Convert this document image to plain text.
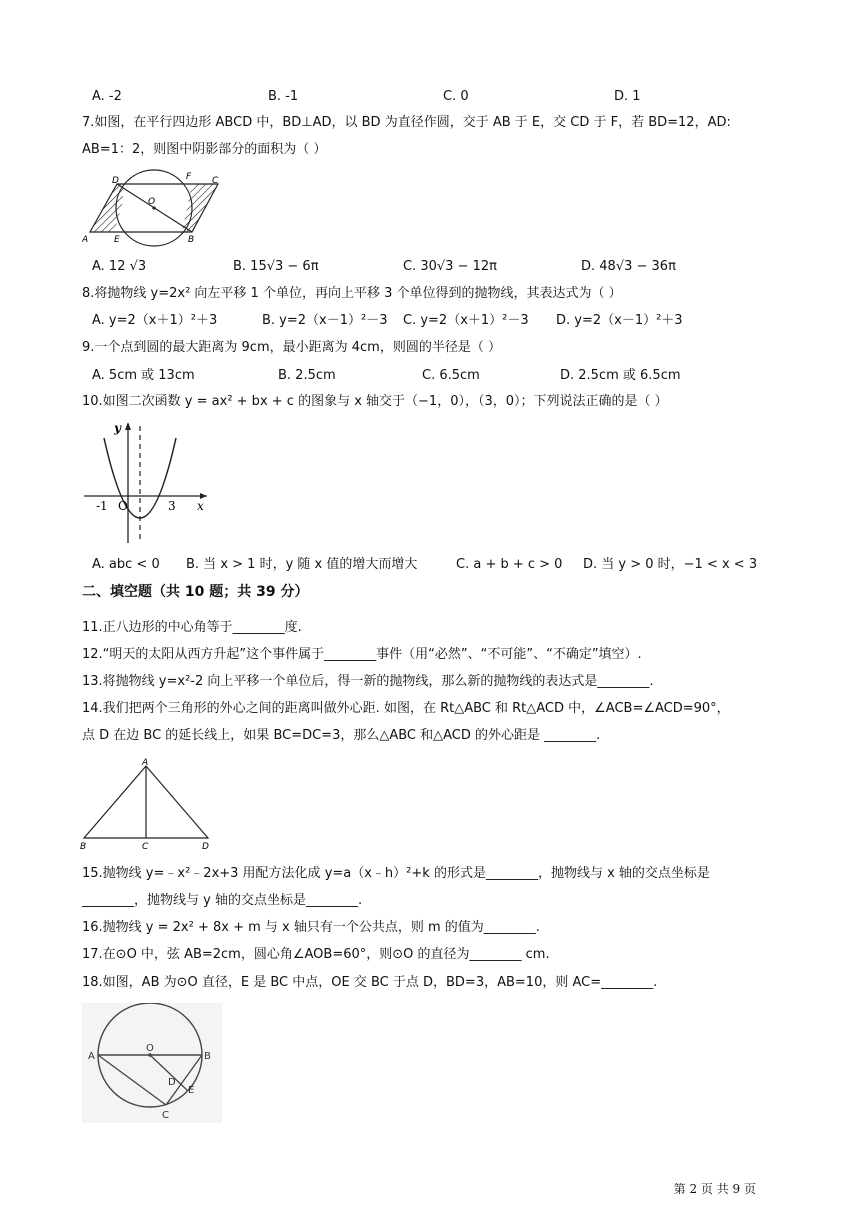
A. -2	B. -1	C. 0	D. 1
7.如图，在平行四边形 ABCD 中，BD⊥AD，以 BD 为直径作圆，交于 AB 于 E，交 CD 于 F，若 BD=12，AD:
AB=1：2，则图中阴影部分的面积为（ ）
D	F C
O
A	E	B
A. 12 √3	B. 15√3 − 6π	C. 30√3 − 12π	D. 48√3 − 36π
8.将抛物线 y=2x² 向左平移 1 个单位，再向上平移 3 个单位得到的抛物线，其表达式为（ ）
A. y=2（x＋1）²＋3	B. y=2（x－1）²－3 C. y=2（x＋1）²－3 D. y=2（x－1）²＋3
9.一个点到圆的最大距离为 9cm，最小距离为 4cm，则圆的半径是（ ）
A. 5cm 或 13cm	B. 2.5cm	C. 6.5cm	D. 2.5cm 或 6.5cm
10.如图二次函数 y = ax² + bx + c 的图象与 x 轴交于（−1，0），（3，0）；下列说法正确的是（ ）
y
x
-1 O	3
A. abc < 0 B. 当 x > 1 时，y 随 x 值的增大而增大	C. a + b + c > 0 D. 当 y > 0 时，−1 < x < 3
二、填空题（共 10 题；共 39 分）
11.正八边形的中心角等于________度.
12.“明天的太阳从西方升起”这个事件属于________事件（用“必然”、“不可能”、“不确定”填空）.
13.将抛物线 y=x²-2 向上平移一个单位后，得一新的抛物线，那么新的抛物线的表达式是________.
14.我们把两个三角形的外心之间的距离叫做外心距. 如图，在 Rt△ABC 和 Rt△ACD 中，∠ACB=∠ACD=90°，
点 D 在边 BC 的延长线上，如果 BC=DC=3，那么△ABC 和△ACD 的外心距是 ________.
A
B	C	D
15.抛物线 y=﹣x²﹣2x+3 用配方法化成 y=a（x﹣h）²+k 的形式是________，抛物线与 x 轴的交点坐标是
________，抛物线与 y 轴的交点坐标是________.
16.抛物线 y = 2x² + 8x + m 与 x 轴只有一个公共点，则 m 的值为________.
17.在⊙O 中，弦 AB=2cm，圆心角∠AOB=60°，则⊙O 的直径为________ cm.
18.如图，AB 为⊙O 直径，E 是 BC 中点，OE 交 BC 于点 D，BD=3，AB=10，则 AC=________.
A	B
O
D
E
C
第 2 页 共 9 页
